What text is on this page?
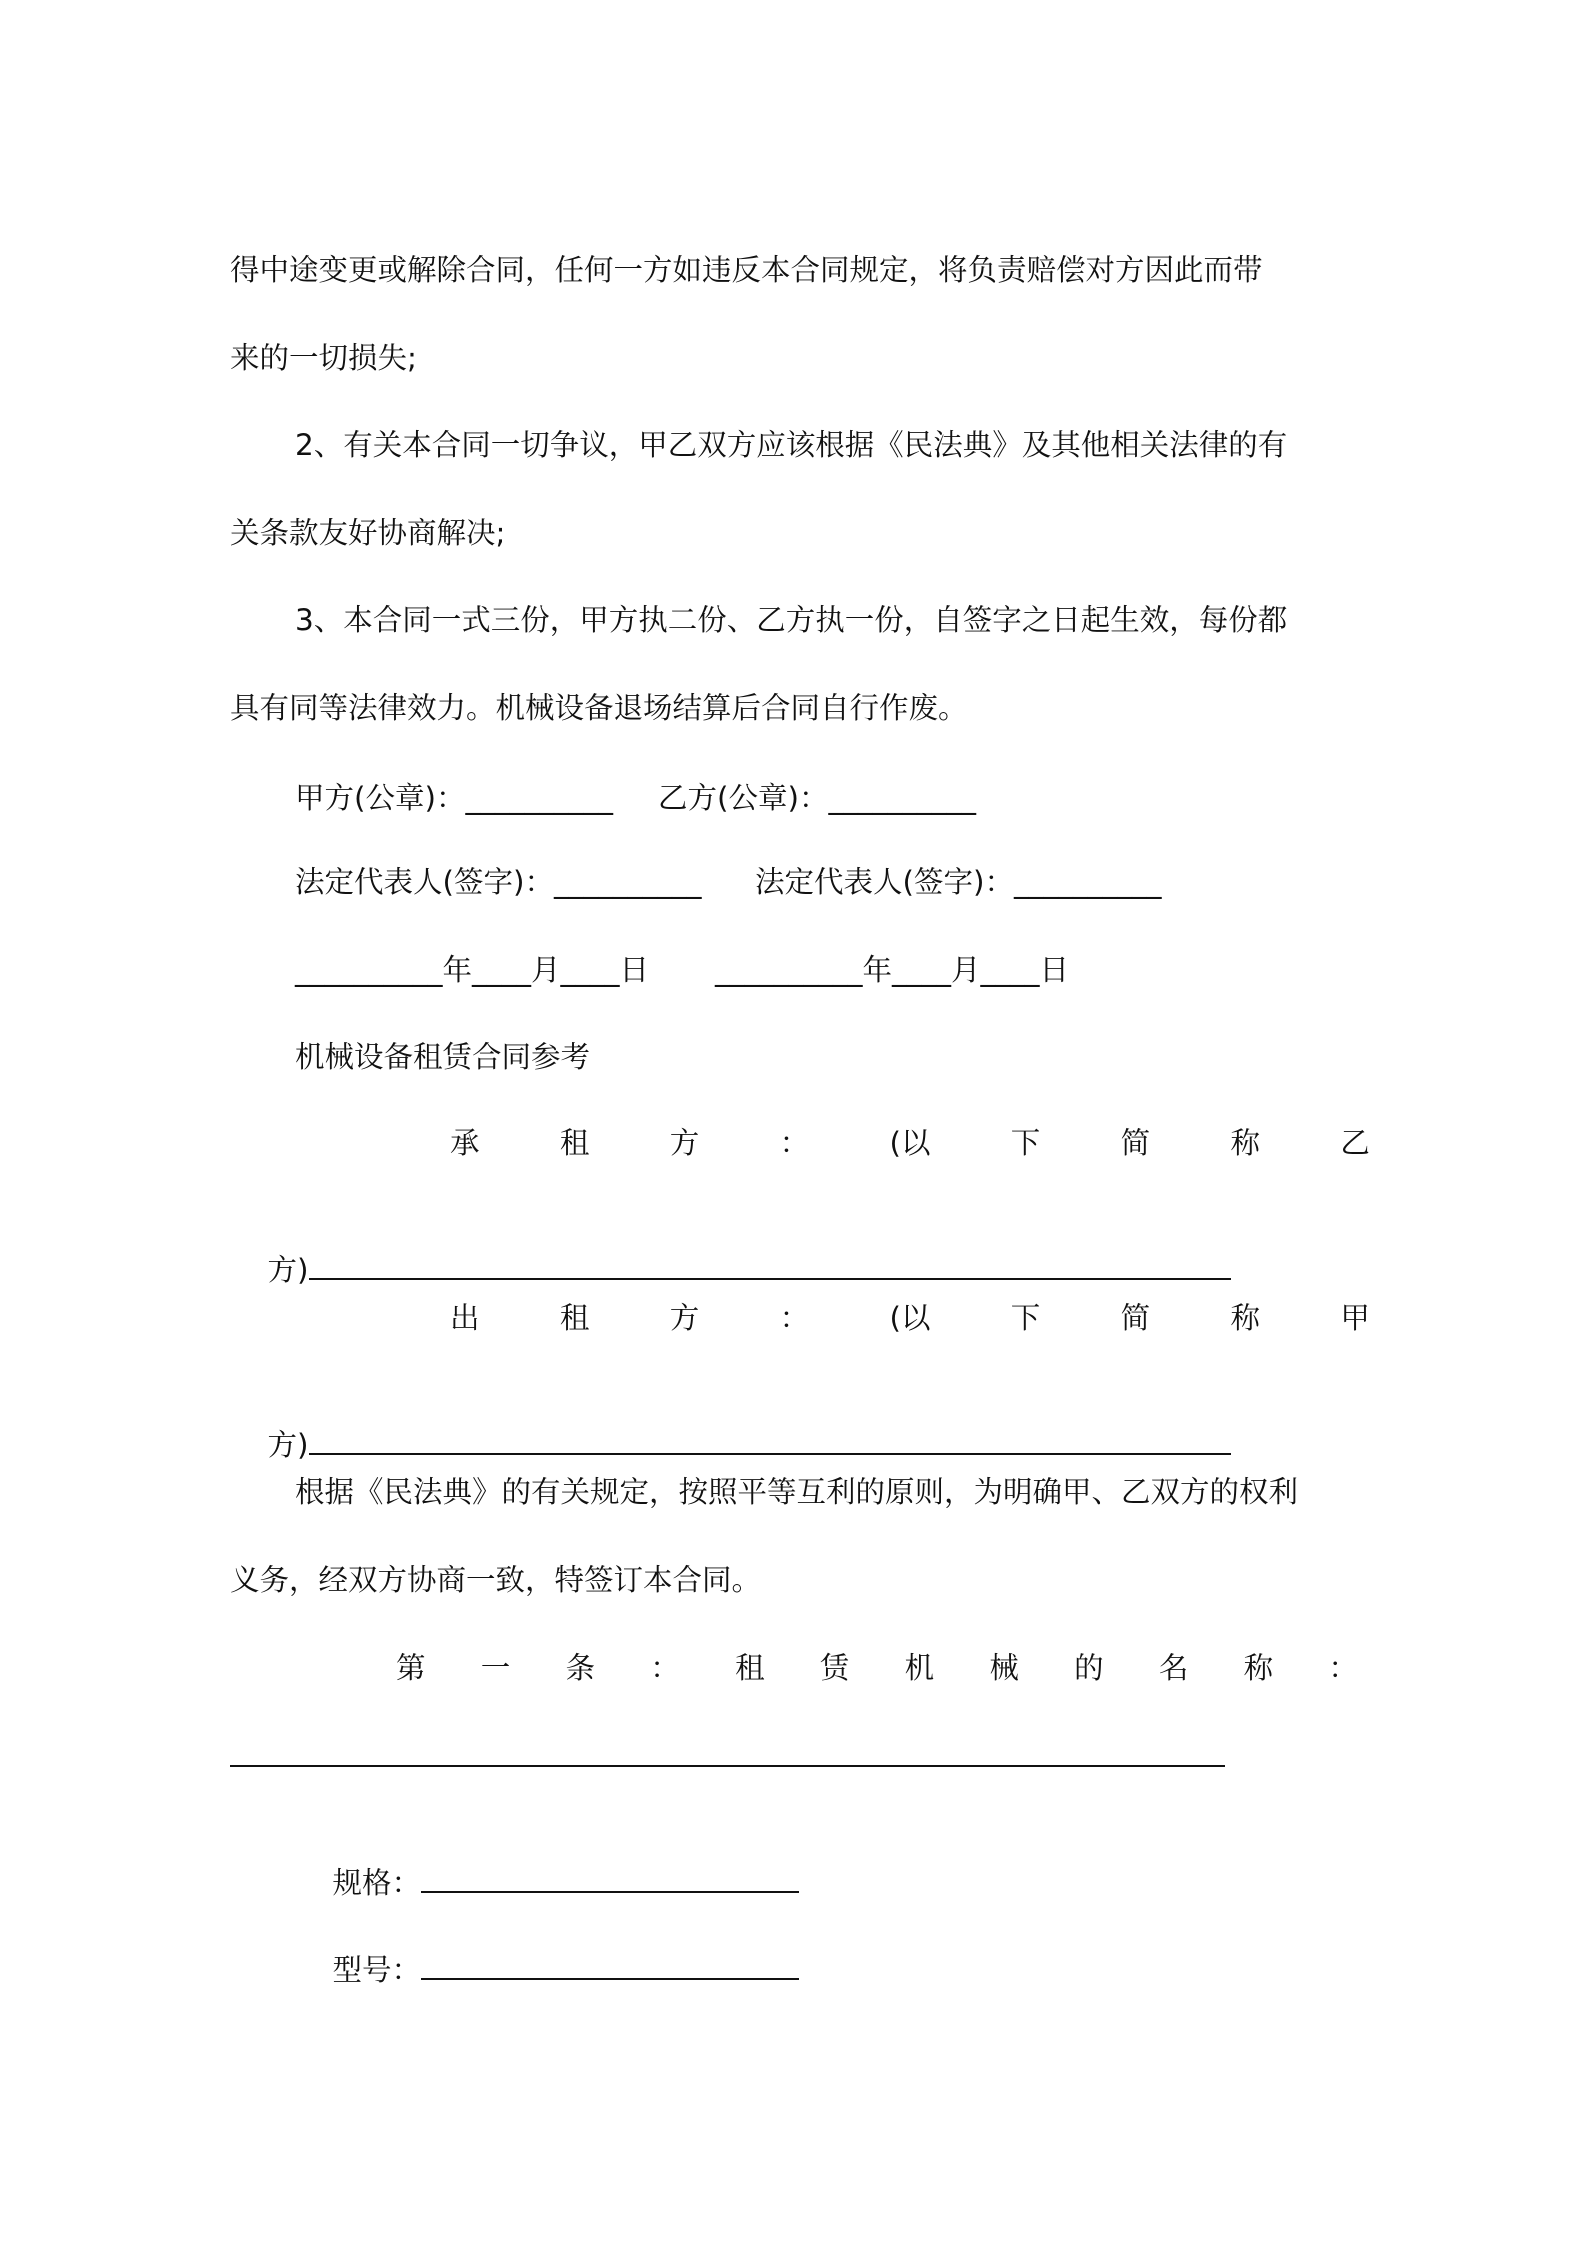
得中途变更或解除合同，任何一方如违反本合同规定，将负责赔偿对方因此而带
来的一切损失;
2、有关本合同一切争议，甲乙双方应该根据《民法典》及其他相关法律的有
关条款友好协商解决;
3、本合同一式三份，甲方执二份、乙方执一份，自签字之日起生效，每份都
具有同等法律效力。机械设备退场结算后合同自行作废。
甲方(公章)：__________ 乙方(公章)：__________
法定代表人(签字)：__________ 法定代表人(签字)：__________
__________年____月____日 __________年____月____日
机械设备租赁合同参考
承	租	方	：	(以	下	简	称	乙

方)

出	租	方	：	(以	下	简	称	甲

方)

根据《民法典》的有关规定，按照平等互利的原则，为明确甲、乙双方的权利
义务，经双方协商一致，特签订本合同。
第 一 条 ： 租 赁 机 械 的 名 称 ：

规格：

型号：
